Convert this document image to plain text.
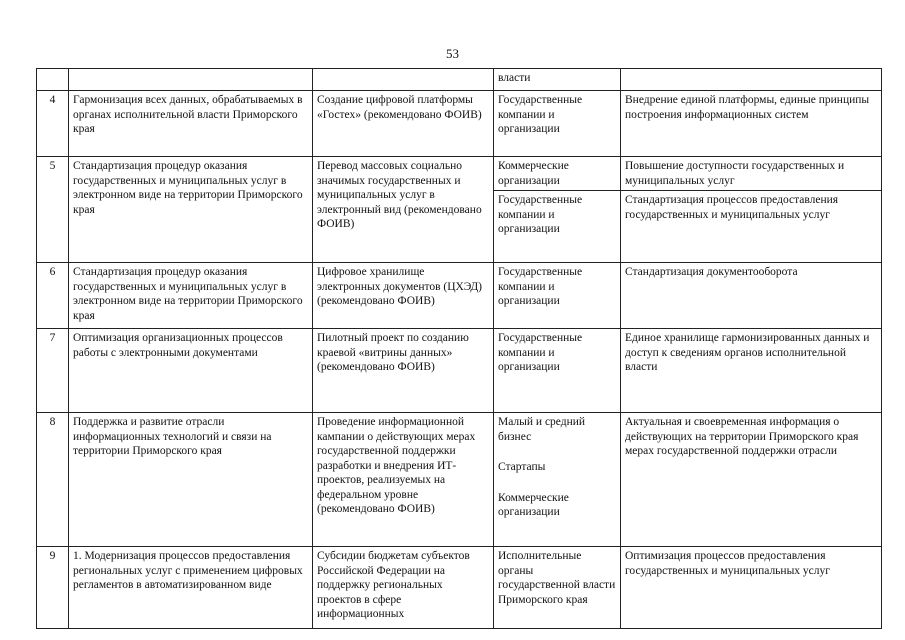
53

			власти	

4	Гармонизация всех данных, обрабатываемых в органах исполнительной власти Приморского края	Создание цифровой платформы «Гостех» (рекомендовано ФОИВ)	Государственные компании и организации	Внедрение единой платформы, единые принципы построения информационных систем

5	Стандартизация процедур оказания государственных и муниципальных услуг в электронном виде на территории Приморского края	Перевод массовых социально значимых государственных и муниципальных услуг в электронный вид (рекомендовано ФОИВ)	Коммерческие организации	Повышение доступности государственных и муниципальных услуг

			Государственные компании и организации	Стандартизация процессов предоставления государственных и муниципальных услуг

6	Стандартизация процедур оказания государственных и муниципальных услуг в электронном виде на территории Приморского края	Цифровое хранилище электронных документов (ЦХЭД) (рекомендовано ФОИВ)	Государственные компании и организации	Стандартизация документооборота

7	Оптимизация организационных процессов работы с электронными документами	Пилотный проект по созданию краевой «витрины данных» (рекомендовано ФОИВ)	Государственные компании и организации	Единое хранилище гармонизированных данных и доступ к сведениям органов исполнительной власти

8	Поддержка и развитие отрасли информационных технологий и связи на территории Приморского края	Проведение информационной кампании о действующих мерах государственной поддержки разработки и внедрения ИТ-проектов, реализуемых на федеральном уровне (рекомендовано ФОИВ)	Малый и средний бизнес
Стартапы
Коммерческие организации	Актуальная и своевременная информация о действующих на территории Приморского края мерах государственной поддержки отрасли

9	1. Модернизация процессов предоставления региональных услуг с применением цифровых регламентов в автоматизированном виде	Субсидии бюджетам субъектов Российской Федерации на поддержку региональных проектов в сфере информационных	Исполнительные органы государственной власти Приморского края	Оптимизация процессов предоставления государственных и муниципальных услуг
